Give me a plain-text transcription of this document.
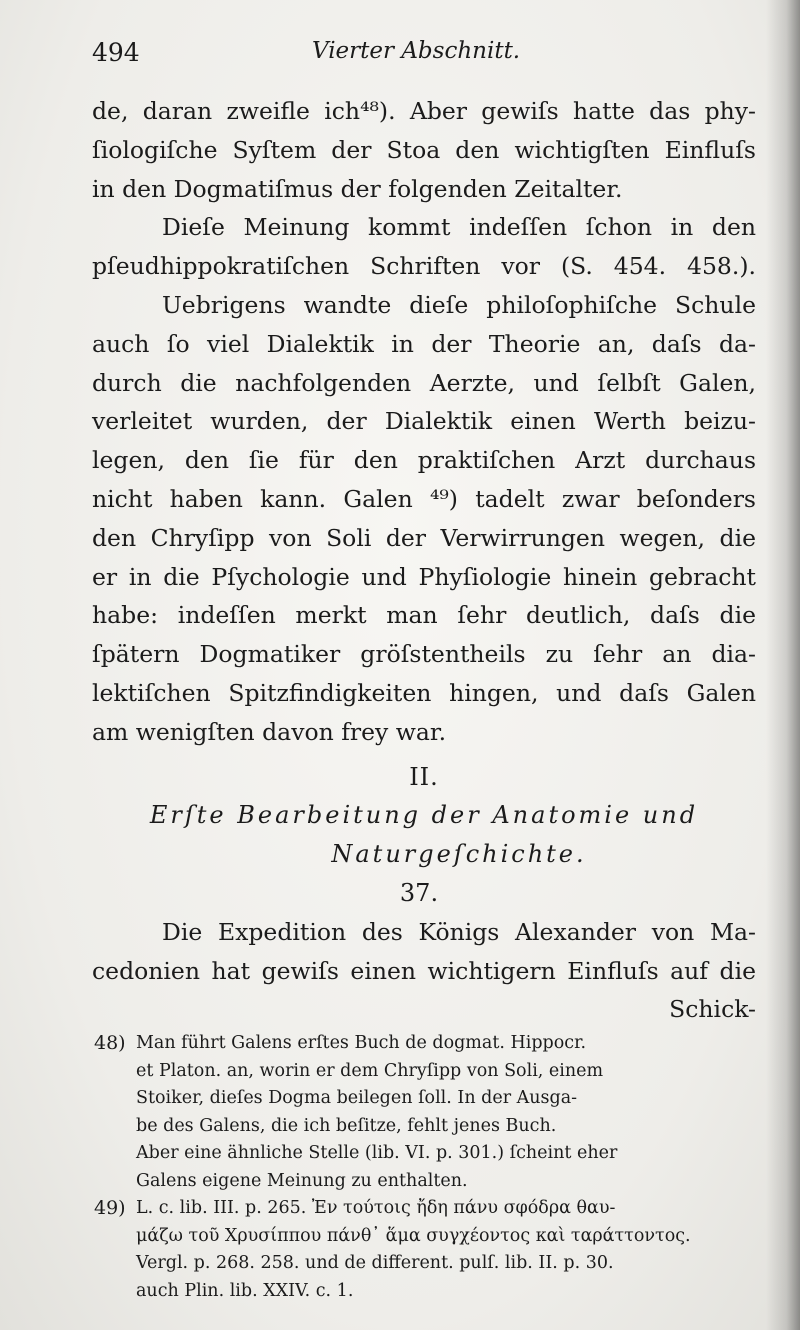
494	Vierter Abschnitt.
de, daran zweifle ich⁴⁸). Aber gewiſs hatte das phy-
ſiologiſche Syſtem der Stoa den wichtigſten Einfluſs
in den Dogmatiſmus der folgenden Zeitalter.
Dieſe Meinung kommt indeſſen ſchon in den
pſeudhippokratiſchen Schriften vor (S. 454. 458.).
Uebrigens wandte dieſe philoſophiſche Schule
auch ſo viel Dialektik in der Theorie an, daſs da-
durch die nachfolgenden Aerzte, und ſelbſt Galen,
verleitet wurden, der Dialektik einen Werth beizu-
legen, den ſie für den praktiſchen Arzt durchaus
nicht haben kann. Galen ⁴⁹) tadelt zwar beſonders
den Chryſipp von Soli der Verwirrungen wegen, die
er in die Pſychologie und Phyſiologie hinein gebracht
habe: indeſſen merkt man ſehr deutlich, daſs die
ſpätern Dogmatiker gröſstentheils zu ſehr an dia-
lektiſchen Spitzfindigkeiten hingen, und daſs Galen
am wenigſten davon frey war.
II.
Erſte Bearbeitung der Anatomie und
Naturgeſchichte.
37.
Die Expedition des Königs Alexander von Ma-
cedonien hat gewiſs einen wichtigern Einfluſs auf die
Schick-
48) Man führt Galens erſtes Buch de dogmat. Hippocr.
et Platon. an, worin er dem Chryſipp von Soli, einem
Stoiker, dieſes Dogma beilegen ſoll. In der Ausga-
be des Galens, die ich beſitze, fehlt jenes Buch.
Aber eine ähnliche Stelle (lib. VI. p. 301.) ſcheint eher
Galens eigene Meinung zu enthalten.
49) L. c. lib. III. p. 265. Ἐν τούτοις ἤδη πάνυ σφόδρα θαυ-
μάζω τοῦ Χρυσίππου πάνθ᾽ ἅμα συγχέοντος καὶ ταράττοντος.
Vergl. p. 268. 258. und de different. pulſ. lib. II. p. 30.
auch Plin. lib. XXIV. c. 1.
